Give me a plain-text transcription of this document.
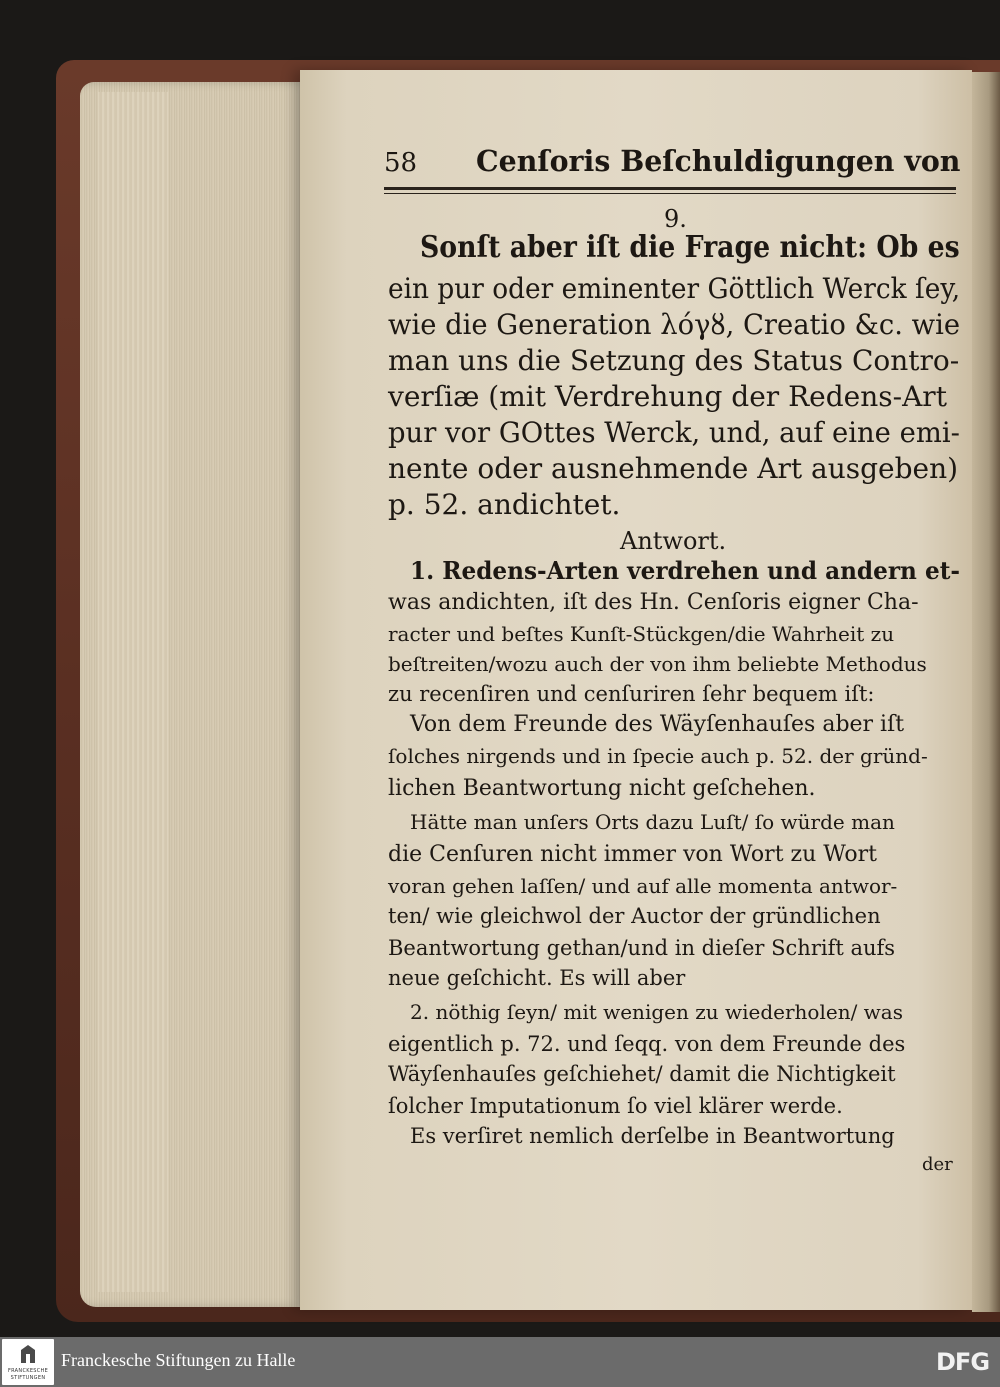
58 Cenſoris Beſchuldigungen von
9.
Sonſt aber iſt die Frage nicht: Ob es
ein pur oder eminenter Göttlich Werck ſey,
wie die Generation λόγȣ, Creatio &c. wie
man uns die Setzung des Status Contro-
verſiæ (mit Verdrehung der Redens-Art
pur vor GOttes Werck, und, auf eine emi-
nente oder ausnehmende Art ausgeben)
p. 52. andichtet.
Antwort.
1. Redens-Arten verdrehen und andern et-
was andichten, iſt des Hn. Cenſoris eigner Cha-
racter und beſtes Kunſt-Stückgen/die Wahrheit zu
beſtreiten/wozu auch der von ihm beliebte Methodus
zu recenſiren und cenſuriren ſehr bequem iſt:
Von dem Freunde des Wäyſenhauſes aber iſt
ſolches nirgends und in ſpecie auch p. 52. der gründ-
lichen Beantwortung nicht geſchehen.
Hätte man unſers Orts dazu Luſt/ ſo würde man
die Cenſuren nicht immer von Wort zu Wort
voran gehen laſſen/ und auf alle momenta antwor-
ten/ wie gleichwol der Auctor der gründlichen
Beantwortung gethan/und in dieſer Schrift aufs
neue geſchicht. Es will aber
2. nöthig ſeyn/ mit wenigen zu wiederholen/ was
eigentlich p. 72. und ſeqq. von dem Freunde des
Wäyſenhauſes geſchiehet/ damit die Nichtigkeit
ſolcher Imputationum ſo viel klärer werde.
Es verſiret nemlich derſelbe in Beantwortung
der
FRANCKESCHE
STIFTUNGEN
Franckesche Stiftungen zu Halle	DFG
